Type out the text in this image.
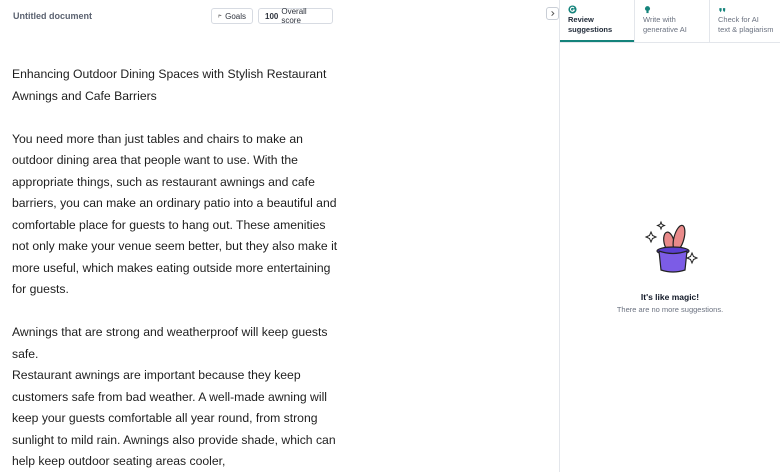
Untitled document	Goals 100 Overall score

Enhancing Outdoor Dining Spaces with Stylish Restaurant Awnings and Cafe Barriers

You need more than just tables and chairs to make an outdoor dining area that people want to use. With the appropriate things, such as restaurant awnings and cafe barriers, you can make an ordinary patio into a beautiful and comfortable place for guests to hang out. These amenities not only make your venue seem better, but they also make it more useful, which makes eating outside more entertaining for guests.

Awnings that are strong and weatherproof will keep guests safe.

Restaurant awnings are important because they keep customers safe from bad weather. A well-made awning will keep your guests comfortable all year round, from strong sunlight to mild rain. Awnings also provide shade, which can help keep outdoor seating areas cooler,

Review
suggestions
Write with
generative AI
Check for AI
text & plagiarism
It's like magic!
There are no more suggestions.
